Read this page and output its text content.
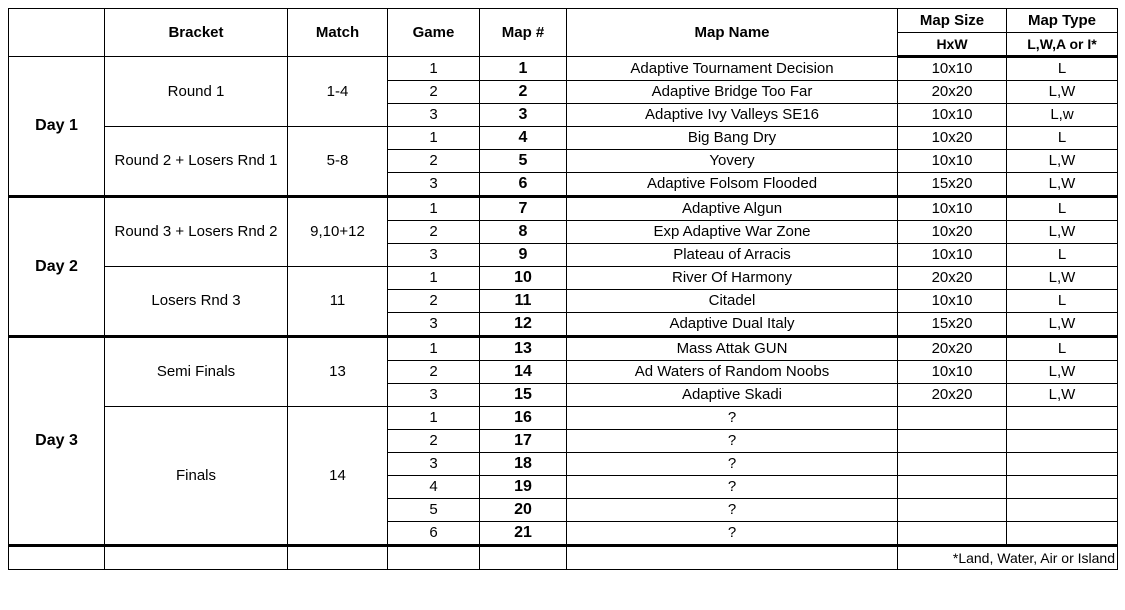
	Bracket	Match	Game	Map #	Map Name	Map Size	Map Type
						HxW	L,W,A or I*
Day 1	Round 1	1-4	1	1	Adaptive Tournament Decision	10x10	L
			2	2	Adaptive Bridge Too Far	20x20	L,W
			3	3	Adaptive Ivy Valleys SE16	10x10	L,w
	Round 2 + Losers Rnd 1	5-8	1	4	Big Bang Dry	10x20	L
			2	5	Yovery	10x10	L,W
			3	6	Adaptive Folsom Flooded	15x20	L,W
Day 2	Round 3 + Losers Rnd 2	9,10+12	1	7	Adaptive Algun	10x10	L
			2	8	Exp Adaptive War Zone	10x20	L,W
			3	9	Plateau of Arracis	10x10	L
	Losers Rnd 3	11	1	10	River Of Harmony	20x20	L,W
			2	11	Citadel	10x10	L
			3	12	Adaptive Dual Italy	15x20	L,W
Day 3	Semi Finals	13	1	13	Mass Attak GUN	20x20	L
			2	14	Ad Waters of Random Noobs	10x10	L,W
			3	15	Adaptive Skadi	20x20	L,W
	Finals	14	1	16	?		
			2	17	?		
			3	18	?		
			4	19	?		
			5	20	?		
			6	21	?		
						*Land, Water, Air or Island	
